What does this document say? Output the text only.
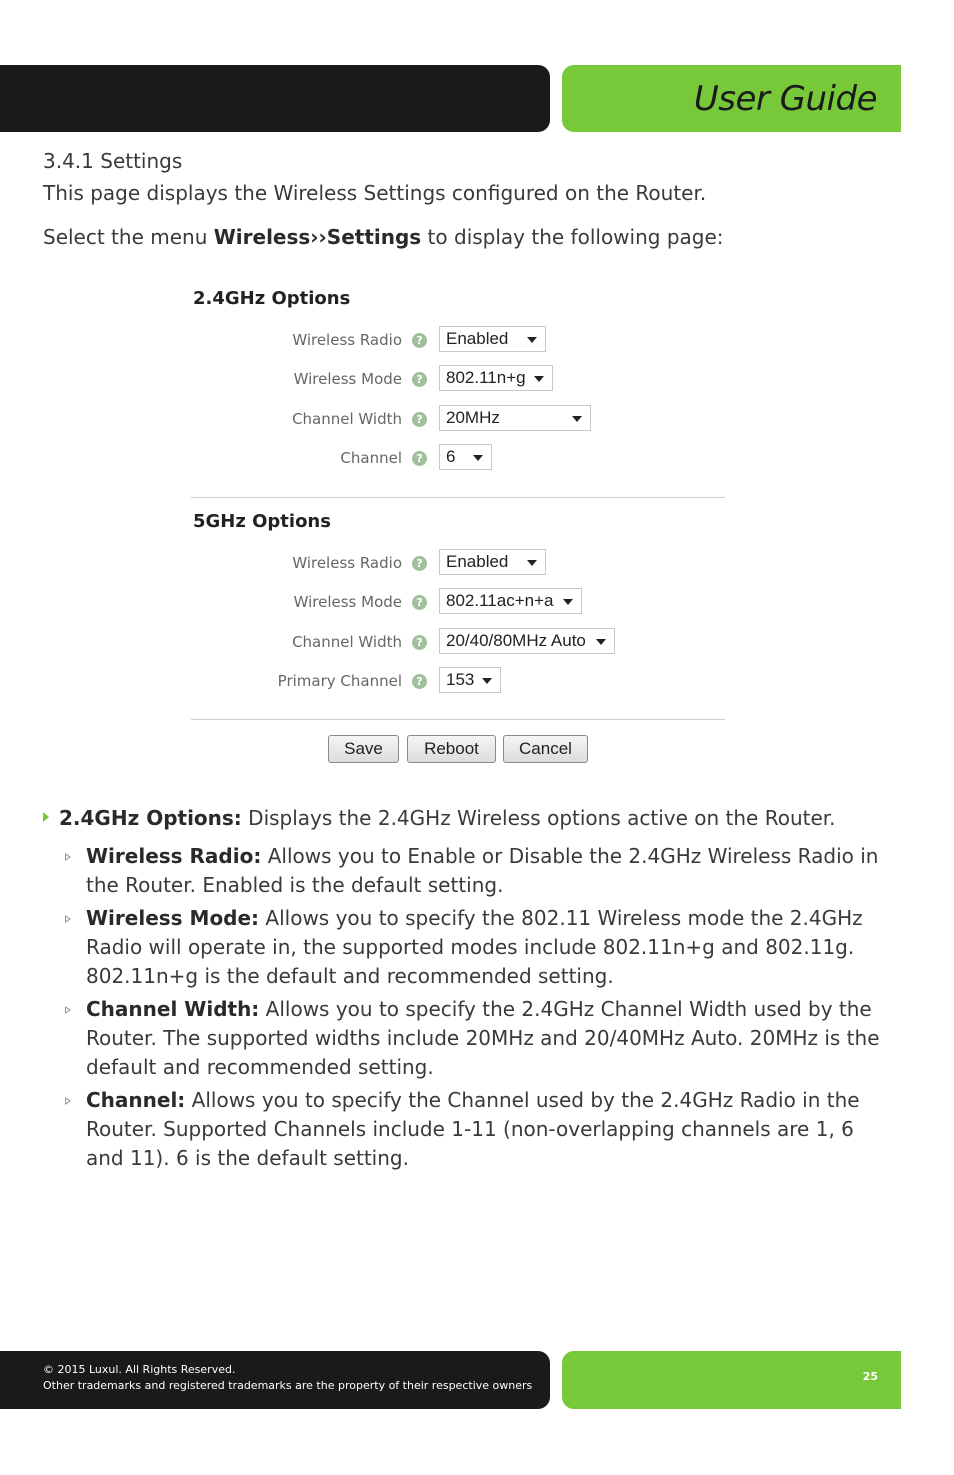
User Guide
3.4.1 Settings
This page displays the Wireless Settings configured on the Router.
Select the menu Wireless››Settings to display the following page:
2.4GHz Options
Wireless Radio	?	Enabled
Wireless Mode	?	802.11n+g
Channel Width	?	20MHz
Channel	?	6
5GHz Options
Wireless Radio	?	Enabled
Wireless Mode	?	802.11ac+n+a
Channel Width	?	20/40/80MHz Auto
Primary Channel	?	153
Save	Reboot	Cancel
2.4GHz Options: Displays the 2.4GHz Wireless options active on the Router.
Wireless Radio: Allows you to Enable or Disable the 2.4GHz Wireless Radio in the Router. Enabled is the default setting.
Wireless Mode: Allows you to specify the 802.11 Wireless mode the 2.4GHz Radio will operate in, the supported modes include 802.11n+g and 802.11g. 802.11n+g is the default and recommended setting.
Channel Width: Allows you to specify the 2.4GHz Channel Width used by the Router. The supported widths include 20MHz and 20/40MHz Auto. 20MHz is the default and recommended setting.
Channel: Allows you to specify the Channel used by the 2.4GHz Radio in the Router. Supported Channels include 1-11 (non-overlapping channels are 1, 6 and 11). 6 is the default setting.
© 2015 Luxul. All Rights Reserved.
Other trademarks and registered trademarks are the property of their respective owners
25
